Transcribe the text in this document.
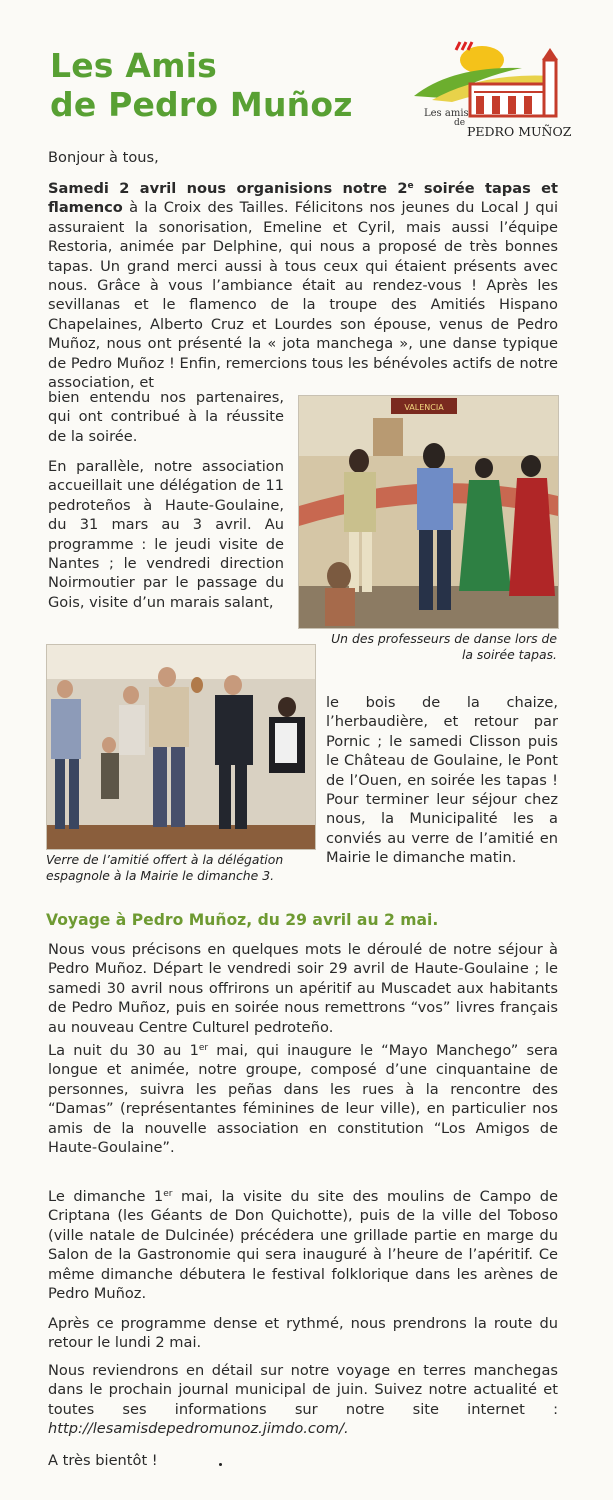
Les Amis
de Pedro Muñoz	Les amis
de
PEDRO MUÑOZ
Bonjour à tous,
Samedi 2 avril nous organisions notre 2e soirée tapas et flamenco à la Croix des Tailles. Félicitons nos jeunes du Local J qui assuraient la sonorisation, Emeline et Cyril, mais aussi l’équipe Restoria, animée par Delphine, qui nous a proposé de très bonnes tapas. Un grand merci aussi à tous ceux qui étaient présents avec nous. Grâce à vous l’ambiance était au rendez-vous ! Après les sevillanas et le flamenco de la troupe des Amitiés Hispano Chapelaines, Alberto Cruz et Lourdes son épouse, venus de Pedro Muñoz, nous ont présenté la « jota manchega », une danse typique de Pedro Muñoz ! Enfin, remercions tous les bénévoles actifs de notre association, et
bien entendu nos partenaires, qui ont contribué à la réussite de la soirée.
En parallèle, notre association accueillait une délégation de 11 pedroteños à Haute-Goulaine, du 31 mars au 3 avril. Au programme : le jeudi visite de Nantes ; le vendredi direction Noirmoutier par le passage du Gois, visite d’un marais salant,
VALENCIA
Un des professeurs de danse lors de la soirée tapas.
Verre de l’amitié offert à la délégation espagnole à la Mairie le dimanche 3.
le bois de la chaize, l’herbaudière, et retour par Pornic ; le samedi Clisson puis le Château de Goulaine, le Pont de l’Ouen, en soirée les tapas ! Pour terminer leur séjour chez nous, la Municipalité les a conviés au verre de l’amitié en Mairie le dimanche matin.
Voyage à Pedro Muñoz, du 29 avril au 2 mai.
Nous vous précisons en quelques mots le déroulé de notre séjour à Pedro Muñoz. Départ le vendredi soir 29 avril de Haute-Goulaine ; le samedi 30 avril nous offrirons un apéritif au Muscadet aux habitants de Pedro Muñoz, puis en soirée nous remettrons “vos” livres français au nouveau Centre Culturel pedroteño.
La nuit du 30 au 1er mai, qui inaugure le “Mayo Manchego” sera longue et animée, notre groupe, composé d’une cinquantaine de personnes, suivra les peñas dans les rues à la rencontre des “Damas” (représentantes féminines de leur ville), en particulier nos amis de la nouvelle association en constitution “Los Amigos de Haute-Goulaine”.
Le dimanche 1er mai, la visite du site des moulins de Campo de Criptana (les Géants de Don Quichotte), puis de la ville del Toboso (ville natale de Dulcinée) précédera une grillade partie en marge du Salon de la Gastronomie qui sera inauguré à l’heure de l’apéritif. Ce même dimanche débutera le festival folklorique dans les arènes de Pedro Muñoz.
Après ce programme dense et rythmé, nous prendrons la route du retour le lundi 2 mai.
Nous reviendrons en détail sur notre voyage en terres manchegas dans le prochain journal municipal de juin. Suivez notre actualité et toutes ses informations sur notre site internet : http://lesamisdepedromunoz.jimdo.com/.
A très bientôt !
